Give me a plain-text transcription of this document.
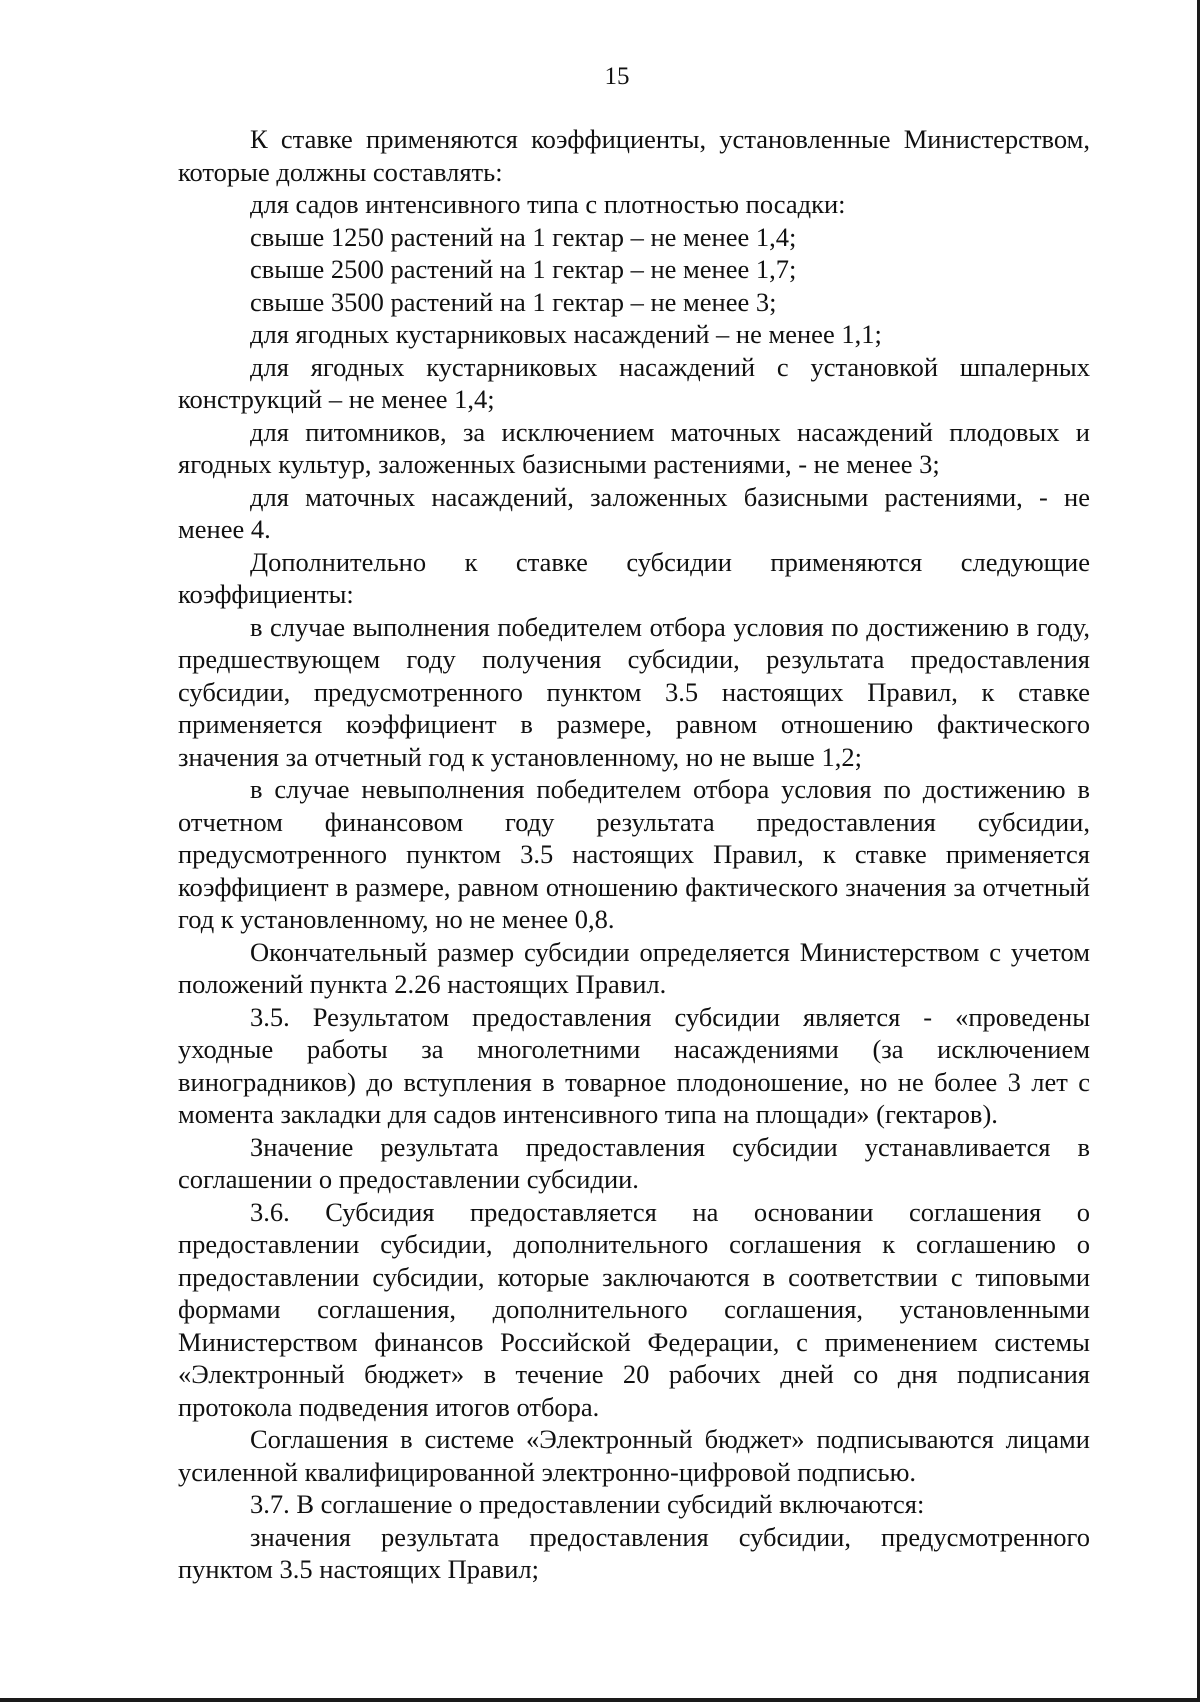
15

К ставке применяются коэффициенты, установленные Министерством, которые должны составлять:

для садов интенсивного типа с плотностью посадки:

свыше 1250 растений на 1 гектар – не менее 1,4;

свыше 2500 растений на 1 гектар – не менее 1,7;

свыше 3500 растений на 1 гектар – не менее 3;

для ягодных кустарниковых насаждений – не менее 1,1;

для ягодных кустарниковых насаждений с установкой шпалерных конструкций – не менее 1,4;

для питомников, за исключением маточных насаждений плодовых и ягодных культур, заложенных базисными растениями, - не менее 3;

для маточных насаждений, заложенных базисными растениями, - не менее 4.

Дополнительно к ставке субсидии применяются следующие коэффициенты:

в случае выполнения победителем отбора условия по достижению в году, предшествующем году получения субсидии, результата предоставления субсидии, предусмотренного пунктом 3.5 настоящих Правил, к ставке применяется коэффициент в размере, равном отношению фактического значения за отчетный год к установленному, но не выше 1,2;

в случае невыполнения победителем отбора условия по достижению в отчетном финансовом году результата предоставления субсидии, предусмотренного пунктом 3.5 настоящих Правил, к ставке применяется коэффициент в размере, равном отношению фактического значения за отчетный год к установленному, но не менее 0,8.

Окончательный размер субсидии определяется Министерством с учетом положений пункта 2.26 настоящих Правил.

3.5. Результатом предоставления субсидии является - «проведены уходные работы за многолетними насаждениями (за исключением виноградников) до вступления в товарное плодоношение, но не более 3 лет с момента закладки для садов интенсивного типа на площади» (гектаров).

Значение результата предоставления субсидии устанавливается в соглашении о предоставлении субсидии.

3.6. Субсидия предоставляется на основании соглашения о предоставлении субсидии, дополнительного соглашения к соглашению о предоставлении субсидии, которые заключаются в соответствии с типовыми формами соглашения, дополнительного соглашения, установленными Министерством финансов Российской Федерации, с применением системы «Электронный бюджет» в течение 20 рабочих дней со дня подписания протокола подведения итогов отбора.

Соглашения в системе «Электронный бюджет» подписываются лицами усиленной квалифицированной электронно-цифровой подписью.

3.7. В соглашение о предоставлении субсидий включаются:

значения результата предоставления субсидии, предусмотренного пунктом 3.5 настоящих Правил;
